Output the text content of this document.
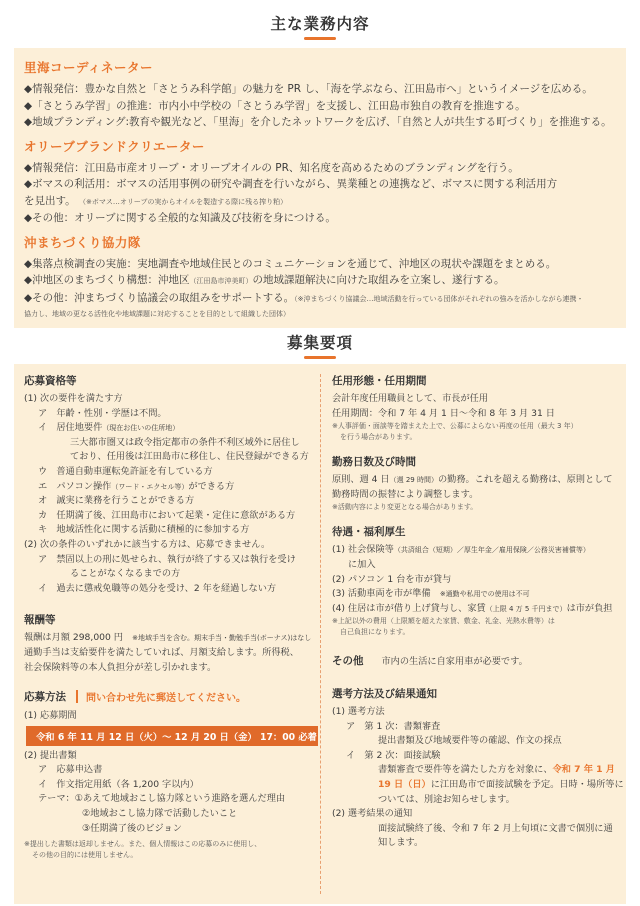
主な業務内容
里海コーディネーター

◆情報発信：豊かな自然と「さとうみ科学館」の魅力を PR し、「海を学ぶなら、江田島市へ」というイメージを広める。

◆「さとうみ学習」の推進：市内小中学校の「さとうみ学習」を支援し、江田島市独自の教育を推進する。

◆地域ブランディング:教育や観光など、「里海」を介したネットワークを広げ、「自然と人が共生する町づくり」を推進する。

オリーブブランドクリエーター

◆情報発信：江田島市産オリーブ・オリーブオイルの PR、知名度を高めるためのブランディングを行う。

◆ボマスの利活用：ボマスの活用事例の研究や調査を行いながら、異業種との連携など、ボマスに関する利活用方

を見出す。 （※ボマス…オリーブの実からオイルを製造する際に残る搾り粕）

◆その他：オリーブに関する全般的な知識及び技術を身につける。

沖まちづくり協力隊

◆集落点検調査の実施：実地調査や地域住民とのコミュニケーションを通じて、沖地区の現状や課題をまとめる。

◆沖地区のまちづくり構想：沖地区（江田島市沖美町）の地域課題解決に向けた取組みを立案し、遂行する。

◆その他：沖まちづくり協議会の取組みをサポートする。（※沖まちづくり協議会…地域活動を行っている団体がそれぞれの強みを活かしながら連携・

協力し、地域の更なる活性化や地域課題に対応することを目的として組織した団体）

募集要項
応募資格等
(1) 次の要件を満たす方
ア　年齢・性別・学歴は不問。
イ　居住地要件（現在お住いの住所地）
三大都市圏又は政令指定都市の条件不利区域外に居住し
ており、任用後は江田島市に移住し、住民登録ができる方
ウ　普通自動車運転免許証を有している方
エ　パソコン操作（ワード・エクセル等）ができる方
オ　誠実に業務を行うことができる方
カ　任期満了後、江田島市において起業・定住に意欲がある方
キ　地域活性化に関する活動に積極的に参加する方
(2) 次の条件のいずれかに該当する方は、応募できません。
ア　禁固以上の刑に処せられ、執行が終了する又は執行を受け
ることがなくなるまでの方
イ　過去に懲戒免職等の処分を受け、2 年を経過しない方
報酬等
報酬は月額 298,000 円　 ※地域手当を含む。期末手当・勤勉手当(ボーナス)はなし
通勤手当は支給要件を満たしていれば、月額支給します。所得税、
社会保険料等の本人負担分が差し引かれます。
応募方法 問い合わせ先に郵送してください。
(1) 応募期間
令和 6 年 11 月 12 日（火）〜 12 月 20 日（金） 17：00 必着
(2) 提出書類
ア　応募申込書
イ　作文指定用紙（各 1,200 字以内）
テーマ：①あえて地域おこし協力隊という進路を選んだ理由
②地域おこし協力隊で活動したいこと
③任期満了後のビジョン
※提出した書類は返却しません。また、個人情報はこの応募のみに使用し、
その他の目的には使用しません。
任用形態・任用期間
会計年度任用職員として、市長が任用
任用期間：令和 7 年 4 月 1 日〜令和 8 年 3 月 31 日
※人事評価・面談等を踏まえた上で、公募によらない再度の任用（最大 3 年）
を行う場合があります。
勤務日数及び時間
原則、週 4 日（週 29 時間）の勤務。これを超える勤務は、原則として
勤務時間の振替により調整します。
※活動内容により変更となる場合があります。
待遇・福利厚生
(1) 社会保険等（共済組合（短期）／厚生年金／雇用保険／公務災害補償等）
に加入
(2) パソコン 1 台を市が貸与
(3) 活動車両を市が準備　 ※通勤や私用での使用は不可
(4) 住居は市が借り上げ貸与し、家賃（上限 4 万 5 千円まで）は市が負担
※上記以外の費用（上限額を超えた家賃、敷金、礼金、光熱水費等）は
自己負担になります。
その他 市内の生活に自家用車が必要です。
選考方法及び結果通知
(1) 選考方法
ア　第 1 次：書類審査
提出書類及び地域要件等の確認、作文の採点
イ　第 2 次：面接試験
書類審査で要件等を満たした方を対象に、令和 7 年 1 月
19 日（日）に江田島市で面接試験を予定。日時・場所等に
ついては、別途お知らせします。
(2) 選考結果の通知
面接試験終了後、令和 7 年 2 月上旬頃に文書で個別に通
知します。
